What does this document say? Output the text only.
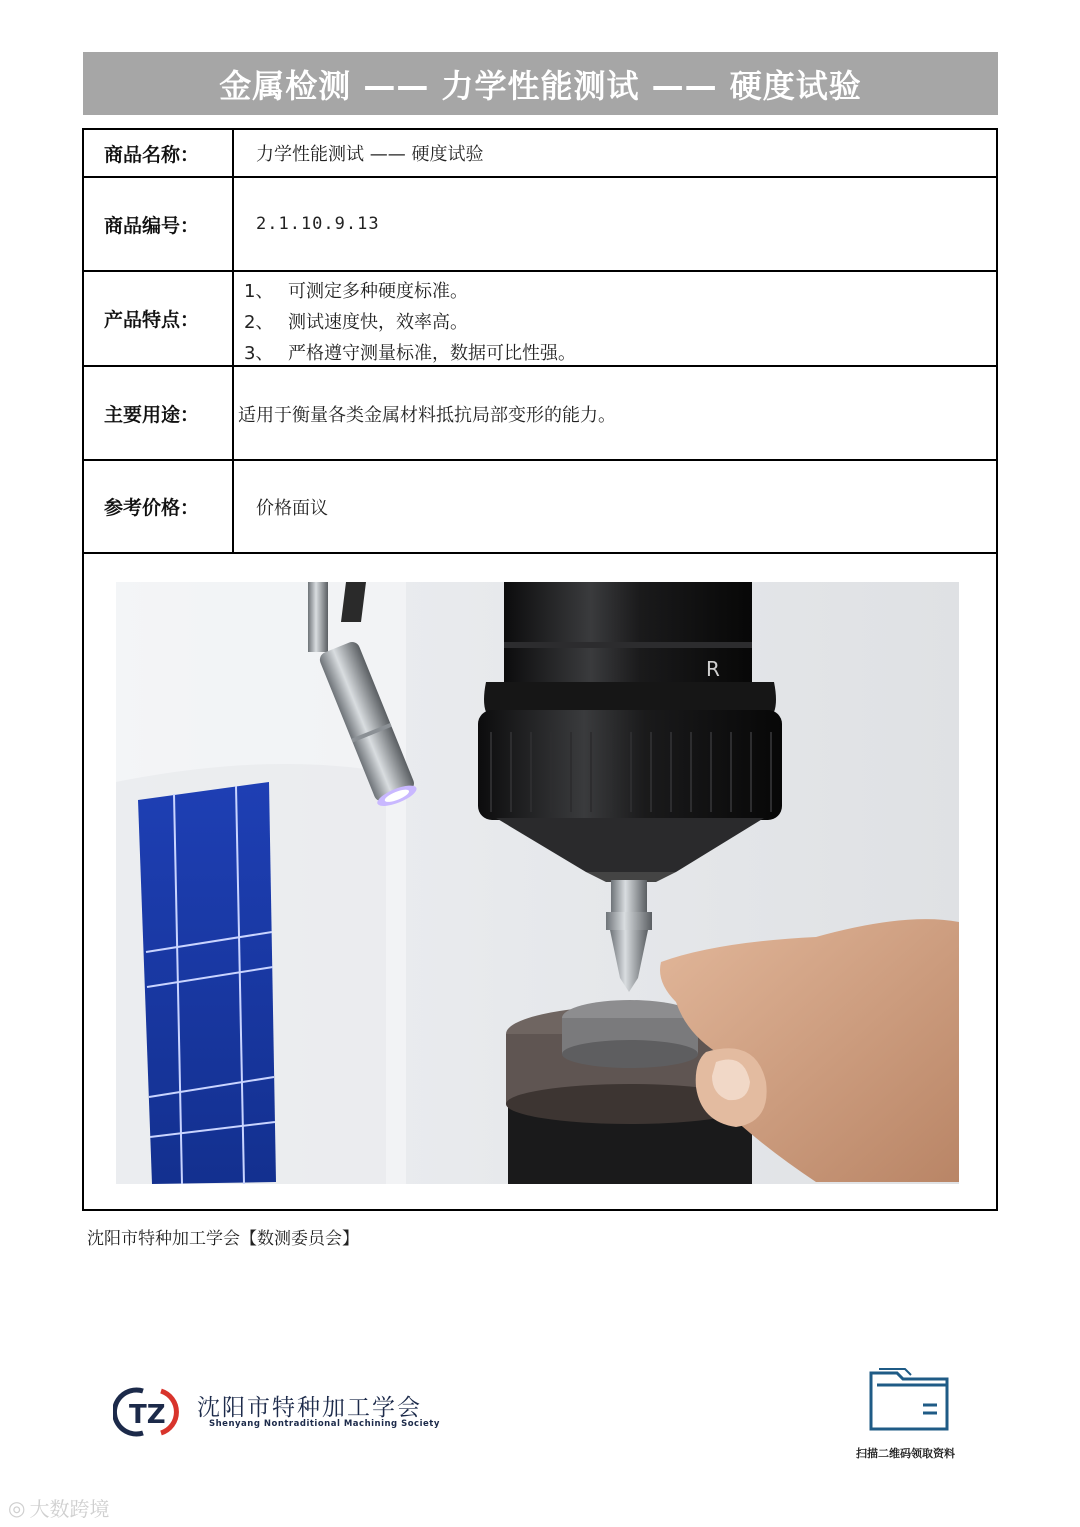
金属检测 —— 力学性能测试 —— 硬度试验
商品名称：	力学性能测试 —— 硬度试验
商品编号：	2.1.10.9.13
产品特点：
1、 可测定多种硬度标准。
2、 测试速度快，效率高。
3、 严格遵守测量标准，数据可比性强。
主要用途：	适用于衡量各类金属材料抵抗局部变形的能力。
参考价格：	价格面议
R
沈阳市特种加工学会【数测委员会】
TZ 沈阳市特种加工学会
Shenyang Nontraditional Machining Society
扫描二维码领取资料
◎ 大数跨境
